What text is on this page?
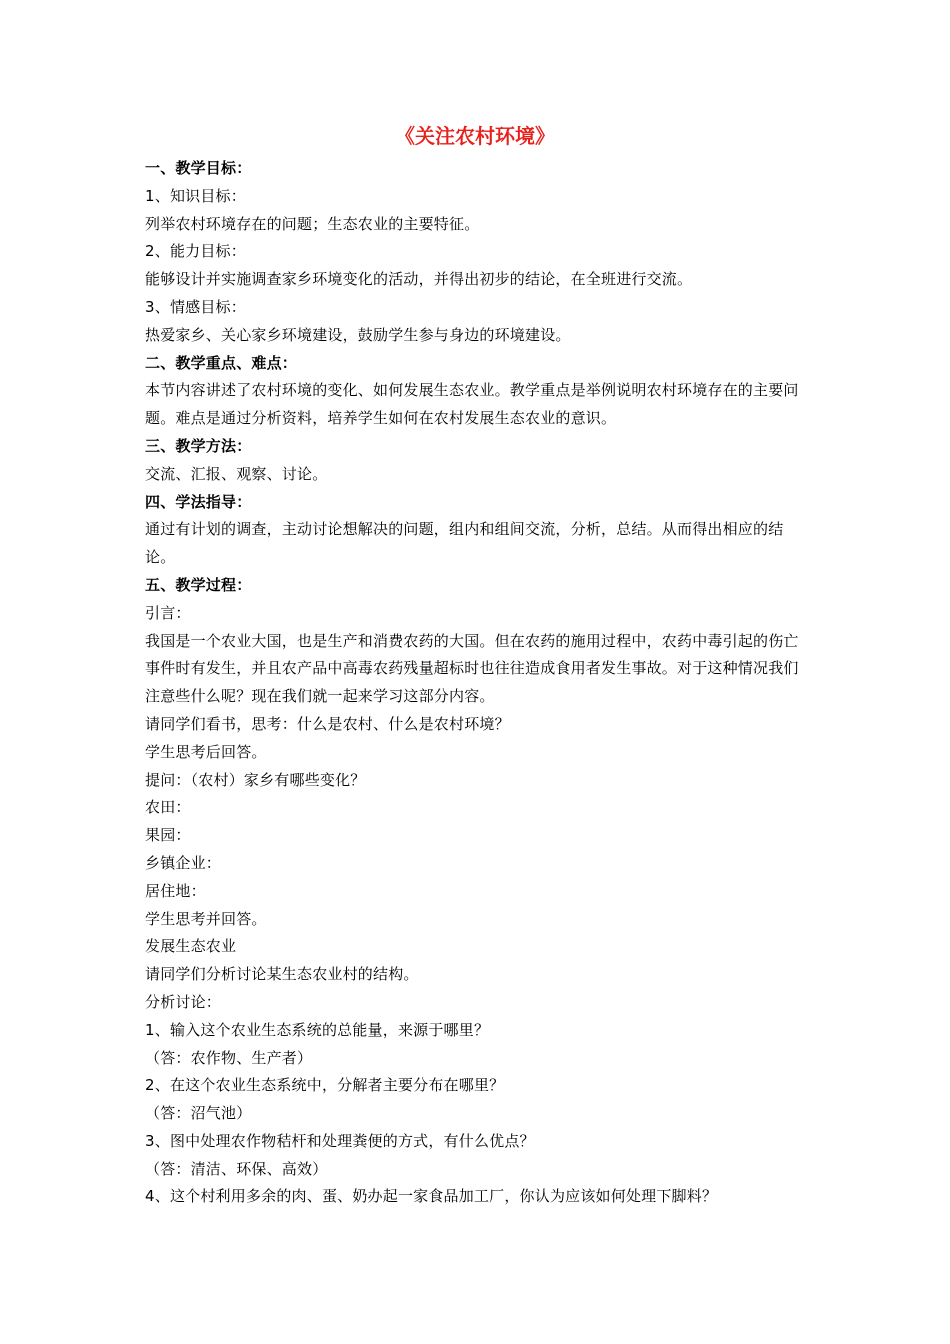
《关注农村环境》
一、教学目标：
1、知识目标：
列举农村环境存在的问题；生态农业的主要特征。
2、能力目标：
能够设计并实施调查家乡环境变化的活动，并得出初步的结论，在全班进行交流。
3、情感目标：
热爱家乡、关心家乡环境建设，鼓励学生参与身边的环境建设。
二、教学重点、难点：
本节内容讲述了农村环境的变化、如何发展生态农业。教学重点是举例说明农村环境存在的主要问题。难点是通过分析资料，培养学生如何在农村发展生态农业的意识。
三、教学方法：
交流、汇报、观察、讨论。
四、学法指导：
通过有计划的调查，主动讨论想解决的问题，组内和组间交流，分析，总结。从而得出相应的结论。
五、教学过程：
引言：
我国是一个农业大国，也是生产和消费农药的大国。但在农药的施用过程中，农药中毒引起的伤亡事件时有发生，并且农产品中高毒农药残量超标时也往往造成食用者发生事故。对于这种情况我们注意些什么呢？现在我们就一起来学习这部分内容。
请同学们看书，思考：什么是农村、什么是农村环境？
学生思考后回答。
提问：（农村）家乡有哪些变化？
农田：
果园：
乡镇企业：
居住地：
学生思考并回答。
发展生态农业
请同学们分析讨论某生态农业村的结构。
分析讨论：
1、输入这个农业生态系统的总能量，来源于哪里？
（答：农作物、生产者）
2、在这个农业生态系统中，分解者主要分布在哪里？
（答：沼气池）
3、图中处理农作物秸杆和处理粪便的方式，有什么优点？
（答：清洁、环保、高效）
4、这个村利用多余的肉、蛋、奶办起一家食品加工厂，你认为应该如何处理下脚料？
